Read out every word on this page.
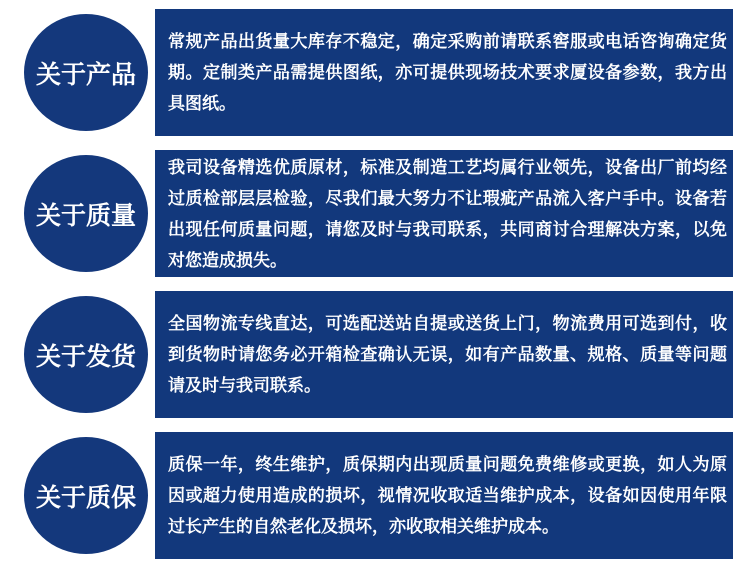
关于产品

常规产品出货量大库存不稳定，确定采购前请联系窖服或电话咨询确定货期。定制类产品需提供图纸，亦可提供现场技术要求厦设备参数，我方出具图纸。

关于质量

我司设备精选优质原材，标准及制造工艺均属行业领先，设备出厂前均经过质检部层层检验，尽我们最大努力不让瑕疵产品流入客户手中。设备若出现任何质量问题，请您及时与我司联系，共同商讨合理解决方案，以免对您造成损失。

关于发货

全国物流专线直达，可选配送站自提或送货上门，物流费用可选到付，收到货物时请您务必开箱检查确认无误，如有产品数量、规格、质量等问题请及时与我司联系。

关于质保

质保一年，终生维护，质保期内出现质量问题免费维修或更换，如人为原因或超力使用造成的损坏，视情况收取适当维护成本，设备如因使用年限过长产生的自然老化及损坏，亦收取相关维护成本。
